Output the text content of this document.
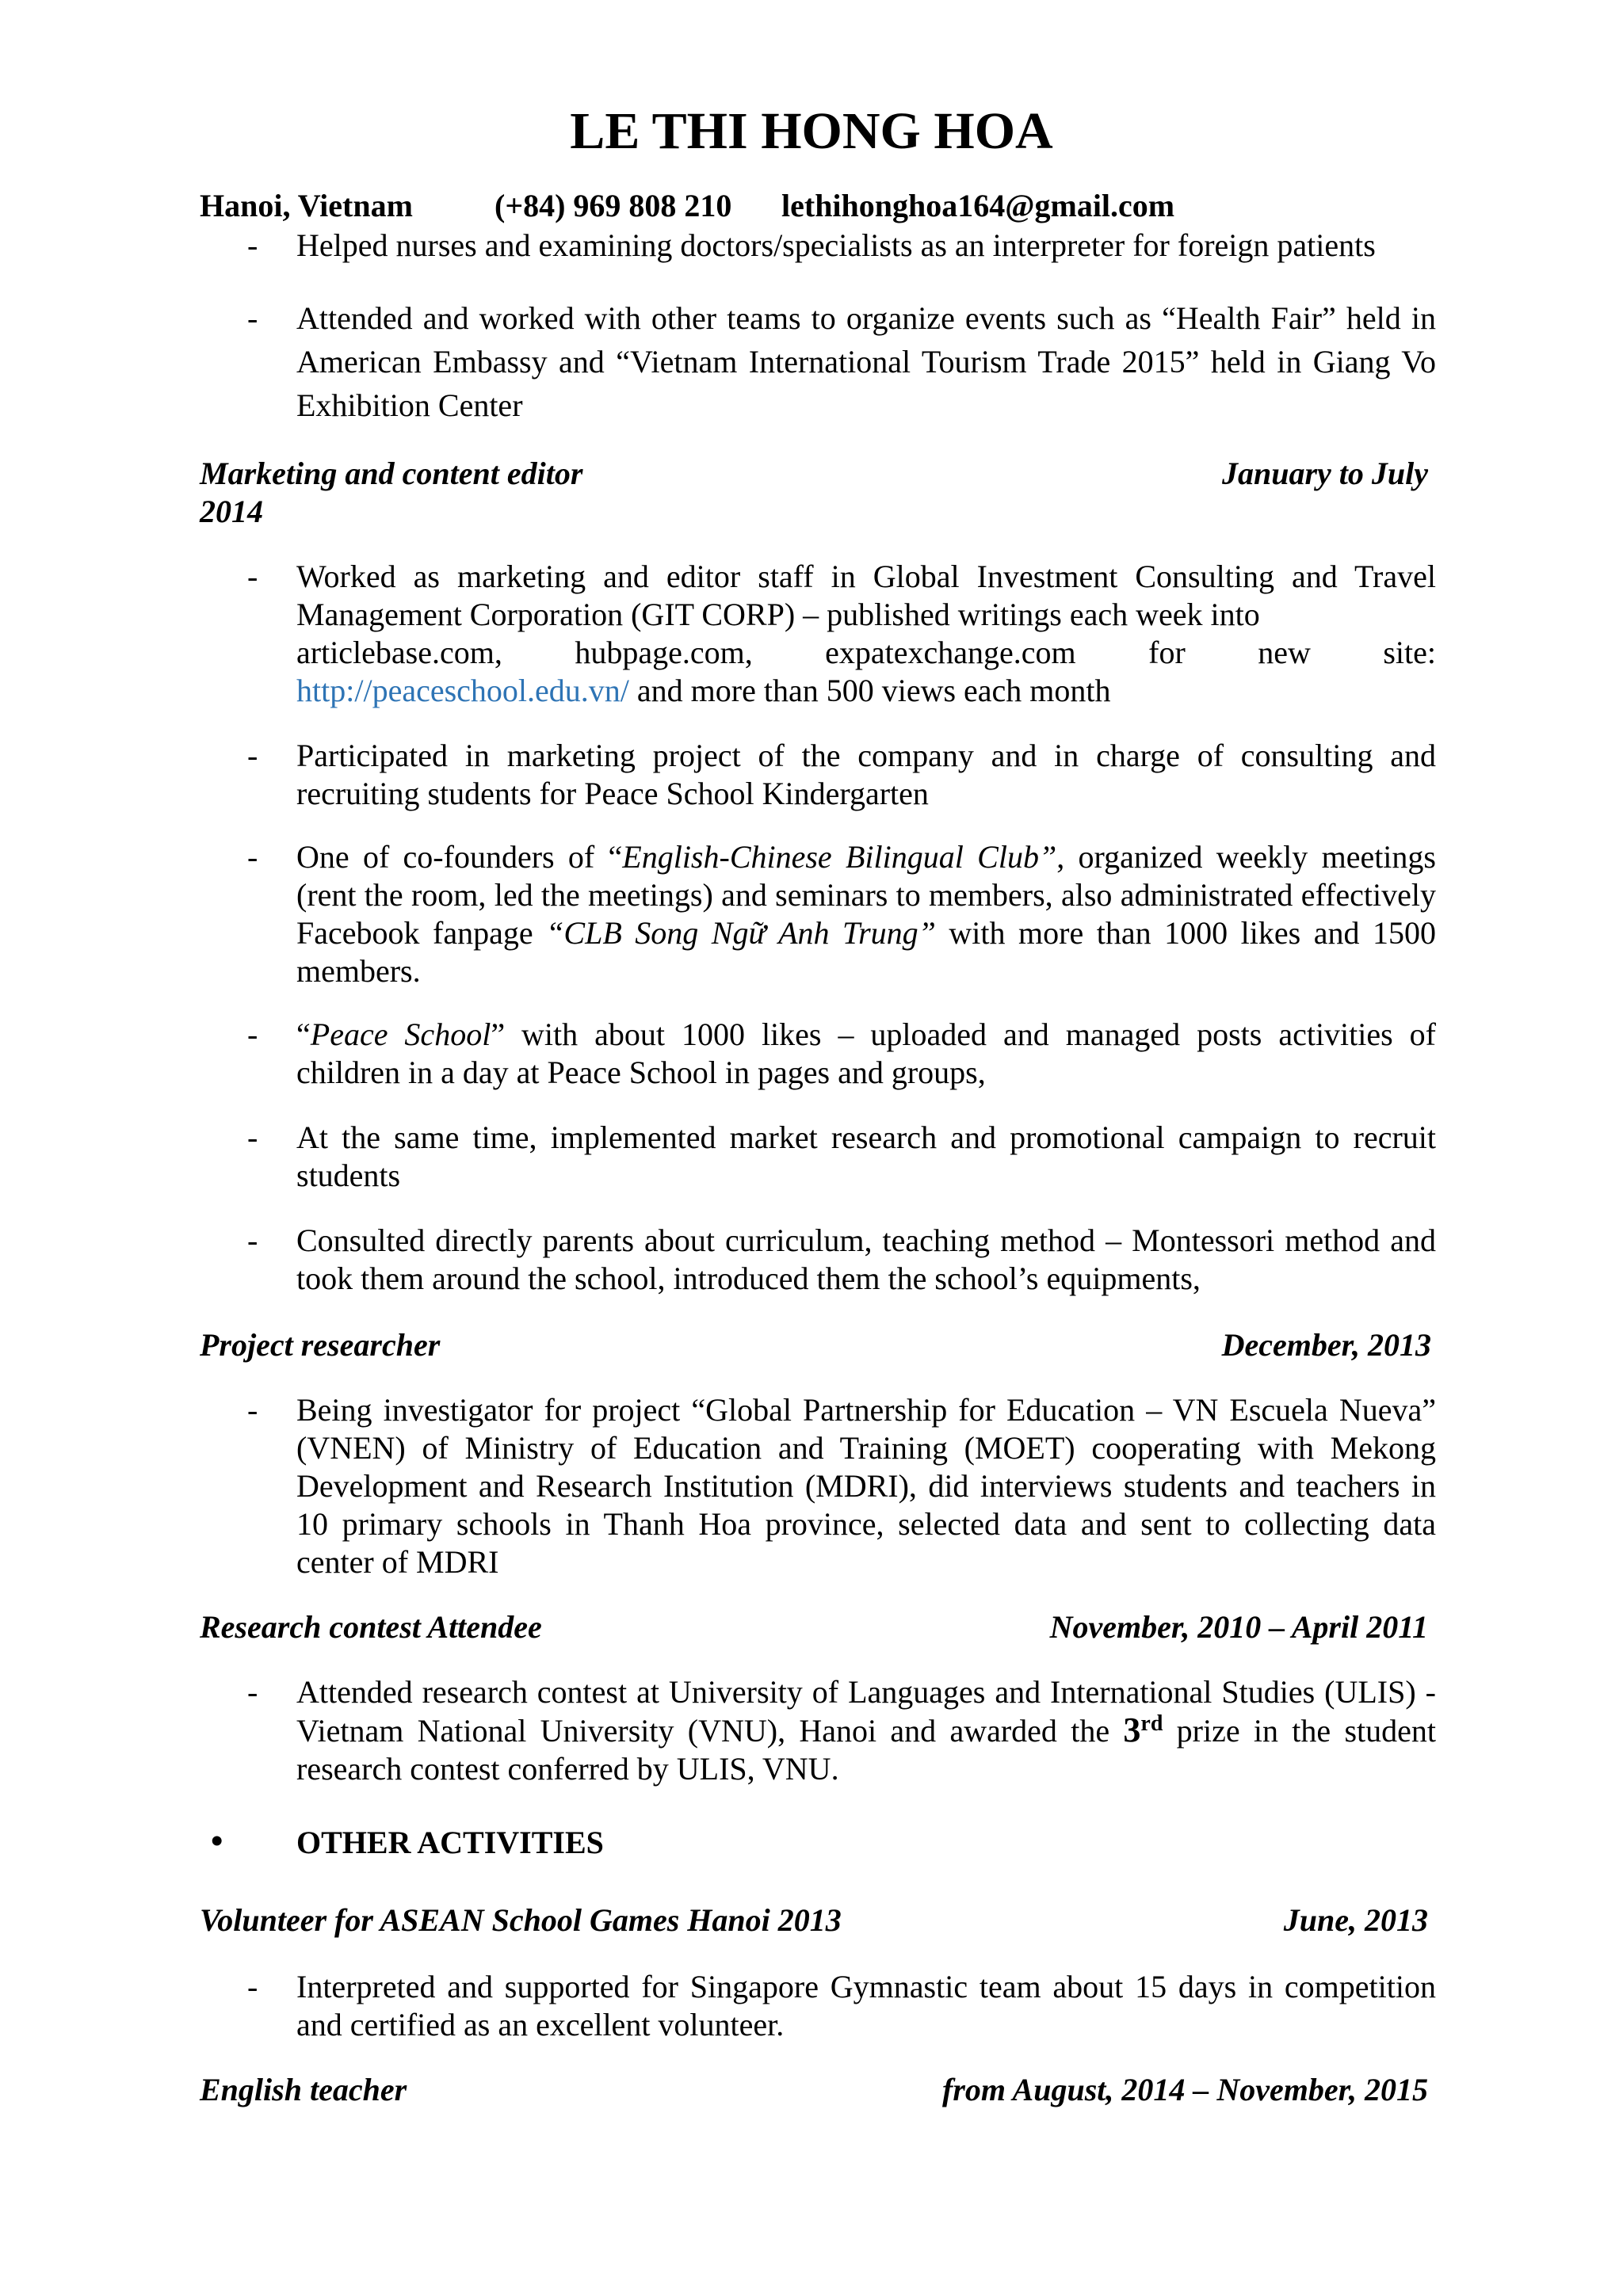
LE THI HONG HOA
Hanoi, Vietnam	(+84) 969 808 210 lethihonghoa164@gmail.com
- Helped nurses and examining doctors/specialists as an interpreter for foreign patients
- Attended and worked with other teams to organize events such as “Health Fair” held in American Embassy and “Vietnam International Tourism Trade 2015” held in Giang Vo Exhibition Center
Marketing and content editor	January to July
2014
- Worked as marketing and editor staff in Global Investment Consulting and Travel Management Corporation (GIT CORP) – published writings each week into
articlebase.com, hubpage.com, expatexchange.com for new site:
http://peaceschool.edu.vn/ and more than 500 views each month
- Participated in marketing project of the company and in charge of consulting and recruiting students for Peace School Kindergarten
- One of co-founders of “English-Chinese Bilingual Club”, organized weekly meetings (rent the room, led the meetings) and seminars to members, also administrated effectively Facebook fanpage “CLB Song Ngữ Anh Trung” with more than 1000 likes and 1500 members.
- “Peace School” with about 1000 likes – uploaded and managed posts activities of children in a day at Peace School in pages and groups,
- At the same time, implemented market research and promotional campaign to recruit students
- Consulted directly parents about curriculum, teaching method – Montessori method and took them around the school, introduced them the school’s equipments,
Project researcher	December, 2013
- Being investigator for project “Global Partnership for Education – VN Escuela Nueva” (VNEN) of Ministry of Education and Training (MOET) cooperating with Mekong Development and Research Institution (MDRI), did interviews students and teachers in 10 primary schools in Thanh Hoa province, selected data and sent to collecting data center of MDRI
Research contest Attendee	November, 2010 – April 2011
- Attended research contest at University of Languages and International Studies (ULIS) - Vietnam National University (VNU), Hanoi and awarded the 3rd prize in the student research contest conferred by ULIS, VNU.
• OTHER ACTIVITIES
Volunteer for ASEAN School Games Hanoi 2013	June, 2013
- Interpreted and supported for Singapore Gymnastic team about 15 days in competition and certified as an excellent volunteer.
English teacher	from August, 2014 – November, 2015
